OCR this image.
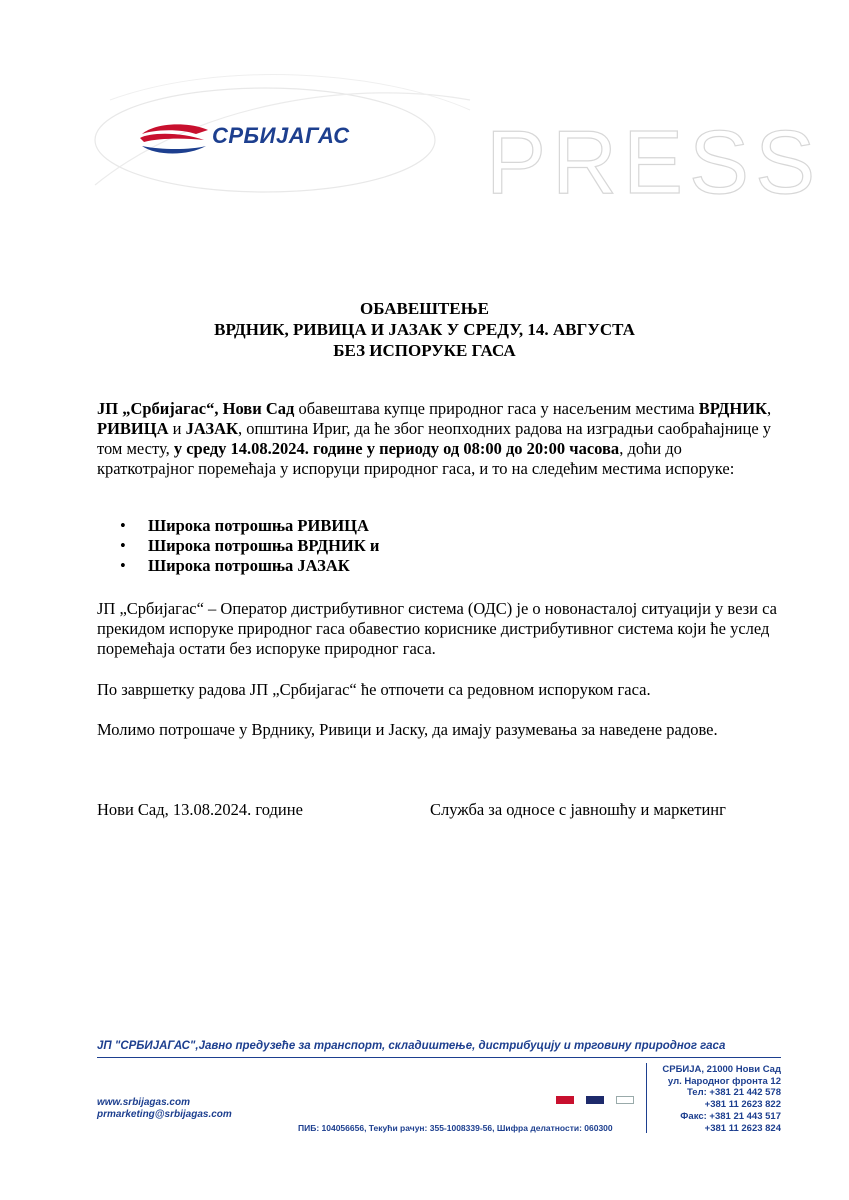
СРБИЈАГАС PRESS
ОБАВЕШТЕЊЕ
ВРДНИК, РИВИЦА И ЈАЗАК У СРЕДУ, 14. АВГУСТА
БЕЗ ИСПОРУКЕ ГАСА
ЈП „Србијагас“, Нови Сад обавештава купце природног гаса у насељеним местима ВРДНИК, РИВИЦА и ЈАЗАК, општина Ириг, да ће због неопходних радова на изградњи саобраћајнице у том месту, у среду 14.08.2024. године у периоду од 08:00 до 20:00 часова, доћи до краткотрајног поремећаја у испоруци природног гаса, и то на следећим местима испоруке:
• Широка потрошња РИВИЦА
• Широка потрошња ВРДНИК и
• Широка потрошња ЈАЗАК
ЈП „Србијагас“ – Оператор дистрибутивног система (ОДС) је о новонасталој ситуацији у вези са прекидом испоруке природног гаса обавестио кориснике дистрибутивног система који ће услед поремећаја остати без испоруке природног гаса.
По завршетку радова ЈП „Србијагас“ ће отпочети са редовном испоруком гаса.
Молимо потрошаче у Врднику, Ривици и Јаску, да имају разумевања за наведене радове.
Нови Сад, 13.08.2024. године	Служба за односе с јавношћу и маркетинг
ЈП "СРБИЈАГАС",Јавно предузеће за транспорт, складиштење, дистрибуцију и трговину природног гаса
www.srbijagas.com
prmarketing@srbijagas.com
ПИБ: 104056656, Текући рачун: 355-1008339-56, Шифра делатности: 060300
СРБИЈА, 21000 Нови Сад
ул. Народног фронта 12
Тел: +381 21 442 578
+381 11 2623 822
Факс: +381 21 443 517
+381 11 2623 824
